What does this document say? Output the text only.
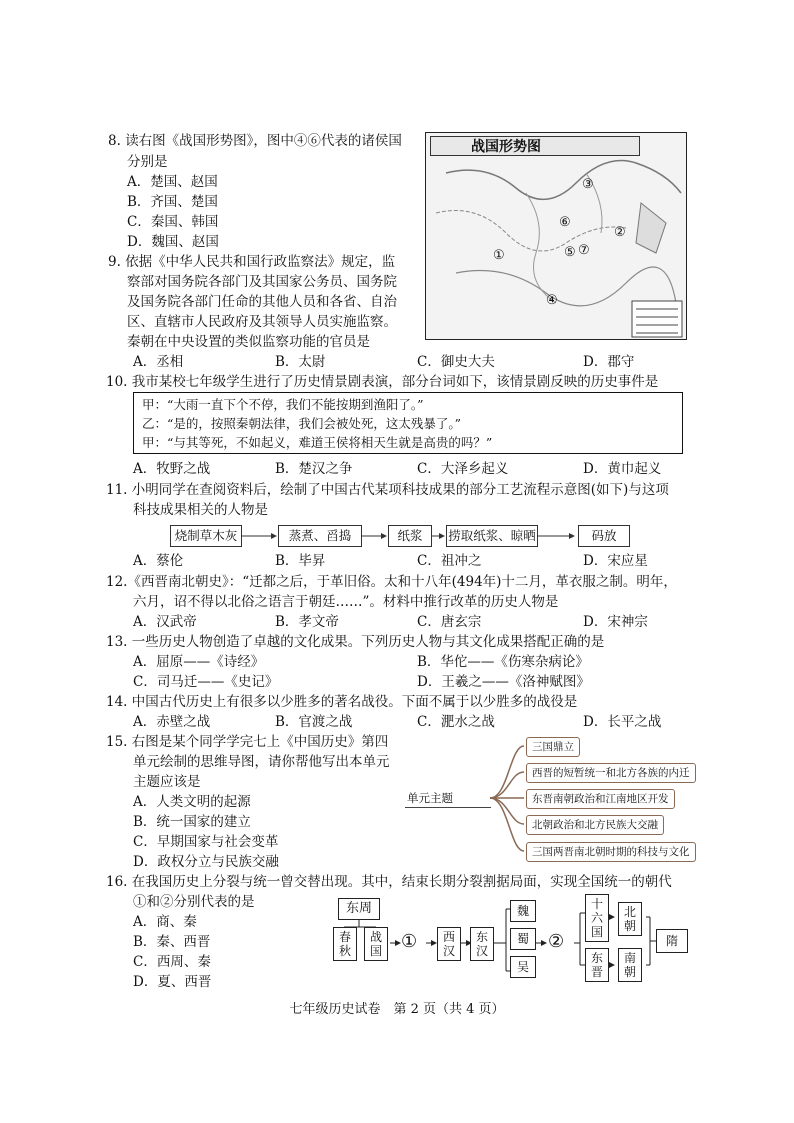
8. 读右图《战国形势图》，图中④⑥代表的诸侯国
分别是
A．楚国、赵国
B．齐国、楚国
C．秦国、韩国
D．魏国、赵国
战国形势图
①
②
③
④
⑤
⑥
⑦
9. 依据《中华人民共和国行政监察法》规定，监
察部对国务院各部门及其国家公务员、国务院
及国务院各部门任命的其他人员和各省、自治
区、直辖市人民政府及其领导人员实施监察。
秦朝在中央设置的类似监察功能的官员是
A．丞相	B．太尉	C．御史大夫	D．郡守
10. 我市某校七年级学生进行了历史情景剧表演，部分台词如下，该情景剧反映的历史事件是
甲：“大雨一直下个不停，我们不能按期到渔阳了。”
乙：“是的，按照秦朝法律，我们会被处死，这太残暴了。”
甲：“与其等死，不如起义，难道王侯将相天生就是高贵的吗？”
A．牧野之战	B．楚汉之争	C．大泽乡起义	D．黄巾起义
11. 小明同学在查阅资料后，绘制了中国古代某项科技成果的部分工艺流程示意图(如下)与这项
科技成果相关的人物是
烧制草木灰	蒸煮、舀捣	纸浆	捞取纸浆、晾晒	码放
A．蔡伦	B．毕昇	C．祖冲之	D．宋应星
12.《西晋南北朝史》：“迁都之后，于革旧俗。太和十八年(494年)十二月，革衣服之制。明年，
六月，诏不得以北俗之语言于朝廷……”。材料中推行改革的历史人物是
A．汉武帝	B．孝文帝	C．唐玄宗	D．宋神宗
13. 一些历史人物创造了卓越的文化成果。下列历史人物与其文化成果搭配正确的是
A．屈原——《诗经》	B．华佗——《伤寒杂病论》
C．司马迁——《史记》	D．王羲之——《洛神赋图》
14. 中国古代历史上有很多以少胜多的著名战役。下面不属于以少胜多的战役是
A．赤壁之战	B．官渡之战	C．淝水之战	D．长平之战
15. 右图是某个同学学完七上《中国历史》第四
单元绘制的思维导图，请你帮他写出本单元
主题应该是
A．人类文明的起源
B．统一国家的建立
C．早期国家与社会变革
D．政权分立与民族交融
单元主题
三国鼎立
西晋的短暂统一和北方各族的内迁
东晋南朝政治和江南地区开发
北朝政治和北方民族大交融
三国两晋南北朝时期的科技与文化
16. 在我国历史上分裂与统一曾交替出现。其中，结束长期分裂割据局面，实现全国统一的朝代
①和②分别代表的是
A．商、秦
B．秦、西晋
C．西周、秦
D．夏、西晋
东周
春
秋
战
国	①	西
汉
东
汉
魏
蜀
吴
②
十
六
国
北
朝
东
晋
南
朝
隋
七年级历史试卷　第 2 页（共 4 页）
